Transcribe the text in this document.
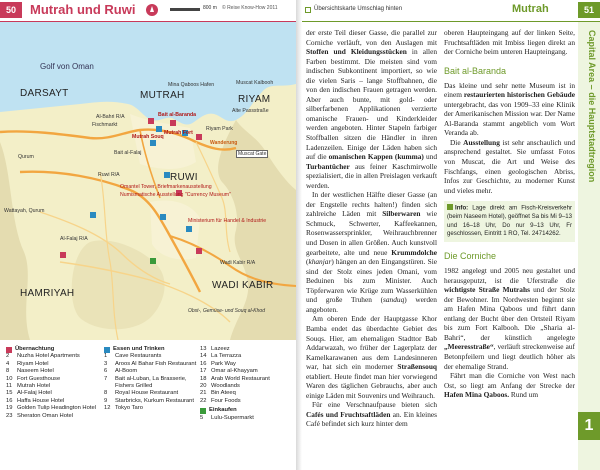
50	Mutrah und Ruwi	800 m © Reise Know-How 2011
Golf von Oman
DARSAYT	MUTRAH	RIYAM
RUWI
HAMRIYAH
WADI KABIR
Mina Qaboos Hafen	Muscat Kalbooh
Al-Bahri R/A
Fischmarkt
Bait al-Baranda
Mutrah Fort
Mutrah Souq
Riyam Park
Wanderung
Muscat Gate
Alte Passstraße
Bait al-Falaj
Qurum
Wattayah, Qurum
Omantel Tower, Briefmarkenausstellung
Numismatische Ausstellung "Currency Museum"
Ministerium für Handel & Industrie
Obst-, Gemüse- und Souq al-Khod
Ruwi R/A
Al-Falaj R/A
Wadi Kabir R/A
Übernachtung
2	Nuzha Hotel Apartments
4	Riyam Hotel
8	Naseem Hotel
10 Fort Guesthouse
11 Mutrah Hotel
15 Al-Falaj Hotel
16 Haffa House Hotel
19 Golden Tulip Headington Hotel
23 Sheraton Oman Hotel
Essen und Trinken
1	Cave Restaurants
3	Aroos Al Bahar Fish Restaurant
6	Al-Boom
7	Bait al-Luban, La Brasserie,
Fishers Grilled
8	Royal House Restaurant
9	Starbricks, Kurkum Restaurant
12 Tokyo Taro
13 Lazeez
14 La Terrazza
16 Park Way
17 Omar al-Khayyam
18 Arab World Restaurant
20 Woodlands
21 Bin Ateeq
22 Four Foods
Einkaufen
5	Lulu-Supermarkt
Übersichtskarte Umschlag hinten	Mutrah	51
Capital Area – die Hauptstadtregion
1

der erste Teil dieser Gasse, die parallel zur Corniche verläuft, von den Auslagen mit Stoffen und Kleidungsstücken in allen Farben bestimmt. Die meisten sind vom indischen Subkontinent importiert, so wie die vielen Saris – lange Stoffbahnen, die von den indischen Frauen getragen werden. Aber auch bunte, mit gold- oder silberfarbenen Applikationen verzierte omanische Frauen- und Kinderkleider werden angeboten. Hinter Stapeln farbiger Stoffballen sitzen die Händler in ihren Ladenzeilen. Einige der Läden haben sich auf die omanischen Kappen (kumma) und Turbantücher aus feiner Kaschmirwolle spezialisiert, die in allen Preislagen verkauft werden.

In der westlichen Hälfte dieser Gasse (an der Engstelle rechts halten!) finden sich zahlreiche Läden mit Silberwaren wie Schmuck, Schwerter, Kaffeekannen, Rosenwassersprinkler, Weihrauchbrenner und Dosen in allen Größen. Auch kunstvoll gearbeitete, alte und neue Krummdolche (khanjar) hängen an den Eingangstüren. Sie sind der Stolz eines jeden Omani, vom Beduinen bis zum Minister. Auch Töpferwaren wie Krüge zum Wasserkühlen und große Truhen (sanduq) werden angeboten.

Am oberen Ende der Hauptgasse Khor Bamba endet das überdachte Gebiet des Souqs. Hier, am ehemaligen Stadttor Bab Addarwazah, wo früher der Lagerplatz der Kamelkarawanen aus dem Landesinneren war, hat sich ein moderner Straßensouq etabliert. Heute findet man hier vorwiegend Waren des täglichen Gebrauchs, aber auch einige Läden mit Souvenirs und Weihrauch.

Für eine Verschnaufpause bieten sich Cafés und Fruchtsaftläden an. Ein kleines Café befindet sich kurz hinter dem

oberen Haupteingang auf der linken Seite, Fruchtsaftläden mit Imbiss liegen direkt an der Corniche beim unteren Haupteingang.

Bait al-Baranda

Das kleine und sehr nette Museum ist in einem restaurierten historischen Gebäude untergebracht, das von 1909–33 eine Klinik der Amerikanischen Mission war. Der Name Al-Baranda stammt angeblich vom Wort Veranda ab.

Die Ausstellung ist sehr anschaulich und ansprechend gestaltet. Sie umfasst Fotos von Muscat, die Art und Weise des Fischfangs, einen geologischen Abriss, Infos zur Geschichte, zu moderner Kunst und vieles mehr.

Info: Lage direkt am Fisch-Kreisverkehr (beim Naseem Hotel), geöffnet Sa bis Mi 9–13 und 16–18 Uhr, Do nur 9–13 Uhr, Fr geschlossen, Eintritt 1 RO, Tel. 24714262.
Die Corniche

1982 angelegt und 2005 neu gestaltet und herausgeputzt, ist die Uferstraße die wichtigste Straße Mutrahs und der Stolz der Bewohner. Im Nordwesten beginnt sie am Hafen Mina Qaboos und führt dann entlang der Bucht über den Ortsteil Riyam bis zum Fort Kalbooh. Die „Sharia al-Bahri“, der künstlich angelegte „Meeresstraße“, verläuft streckenweise auf Betonpfeilern und liegt deutlich höher als der ehemalige Strand.

Fährt man die Corniche von West nach Ost, so liegt am Anfang der Strecke der Hafen Mina Qaboos. Rund um
